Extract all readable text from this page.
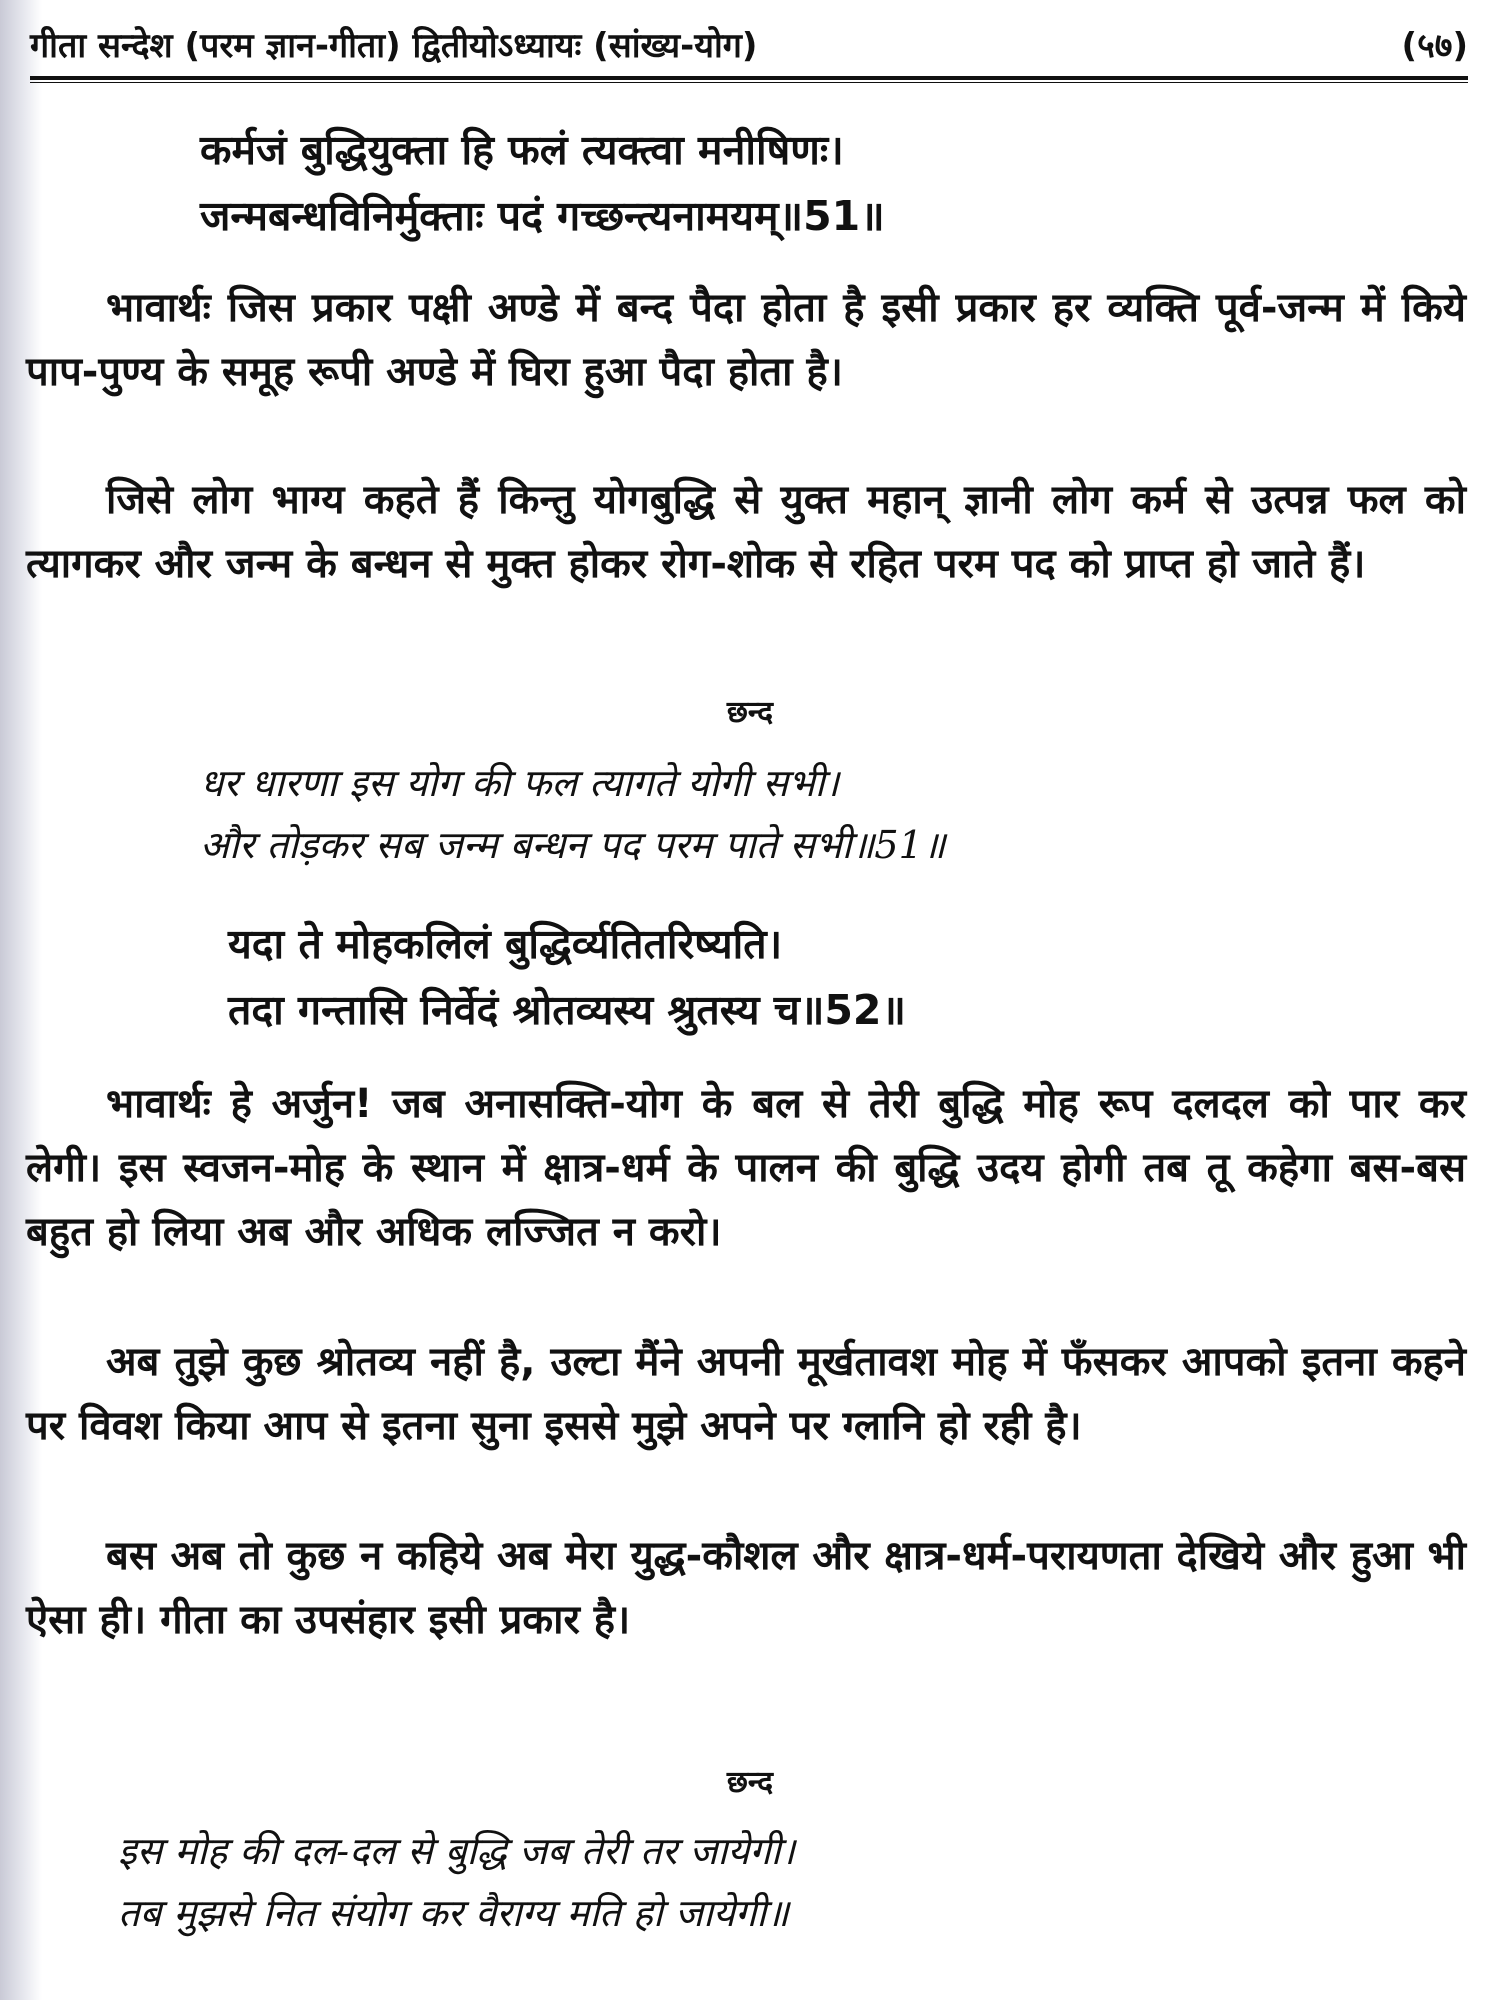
गीता सन्देश (परम ज्ञान-गीता) द्वितीयोऽध्यायः (सांख्य-योग)	(५७)
कर्मजं बुद्धियुक्ता हि फलं त्यक्त्वा मनीषिणः।
जन्मबन्धविनिर्मुक्ताः पदं गच्छन्त्यनामयम्॥51॥
भावार्थः जिस प्रकार पक्षी अण्डे में बन्द पैदा होता है इसी प्रकार हर व्यक्ति पूर्व-जन्म में किये पाप-पुण्य के समूह रूपी अण्डे में घिरा हुआ पैदा होता है।
जिसे लोग भाग्य कहते हैं किन्तु योगबुद्धि से युक्त महान् ज्ञानी लोग कर्म से उत्पन्न फल को त्यागकर और जन्म के बन्धन से मुक्त होकर रोग-शोक से रहित परम पद को प्राप्त हो जाते हैं।
छन्द
धर धारणा इस योग की फल त्यागते योगी सभी।
और तोड़कर सब जन्म बन्धन पद परम पाते सभी॥51॥
यदा ते मोहकलिलं बुद्धिर्व्यतितरिष्यति।
तदा गन्तासि निर्वेदं श्रोतव्यस्य श्रुतस्य च॥52॥
भावार्थः हे अर्जुन! जब अनासक्ति-योग के बल से तेरी बुद्धि मोह रूप दलदल को पार कर लेगी। इस स्वजन-मोह के स्थान में क्षात्र-धर्म के पालन की बुद्धि उदय होगी तब तू कहेगा बस-बस बहुत हो लिया अब और अधिक लज्जित न करो।
अब तुझे कुछ श्रोतव्य नहीं है, उल्टा मैंने अपनी मूर्खतावश मोह में फँसकर आपको इतना कहने पर विवश किया आप से इतना सुना इससे मुझे अपने पर ग्लानि हो रही है।
बस अब तो कुछ न कहिये अब मेरा युद्ध-कौशल और क्षात्र-धर्म-परायणता देखिये और हुआ भी ऐसा ही। गीता का उपसंहार इसी प्रकार है।
छन्द
इस मोह की दल-दल से बुद्धि जब तेरी तर जायेगी।
तब मुझसे नित संयोग कर वैराग्य मति हो जायेगी॥
